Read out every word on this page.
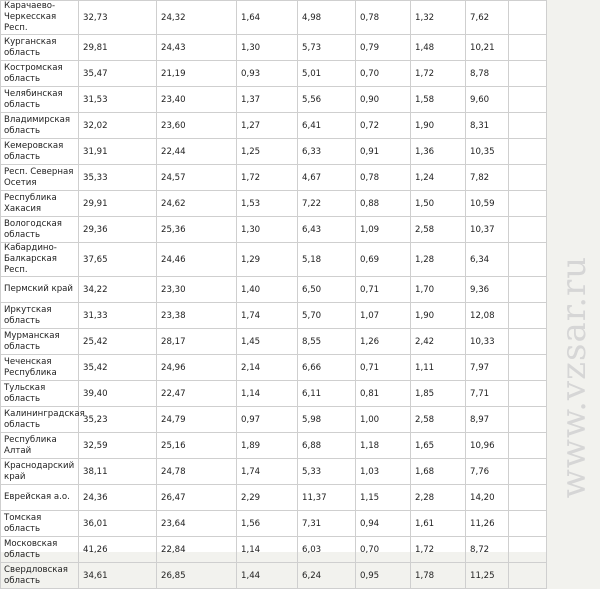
Карачаево-Черкесская Респ.	32,73	24,32	1,64	4,98	0,78	1,32	7,62		
Курганская область	29,81	24,43	1,30	5,73	0,79	1,48	10,21		
Костромская область	35,47	21,19	0,93	5,01	0,70	1,72	8,78		
Челябинская область	31,53	23,40	1,37	5,56	0,90	1,58	9,60		
Владимирская область	32,02	23,60	1,27	6,41	0,72	1,90	8,31		
Кемеровская область	31,91	22,44	1,25	6,33	0,91	1,36	10,35		
Респ. Северная Осетия	35,33	24,57	1,72	4,67	0,78	1,24	7,82		
Республика Хакасия	29,91	24,62	1,53	7,22	0,88	1,50	10,59		
Вологодская область	29,36	25,36	1,30	6,43	1,09	2,58	10,37		
Кабардино-Балкарская Респ.	37,65	24,46	1,29	5,18	0,69	1,28	6,34		
Пермский край	34,22	23,30	1,40	6,50	0,71	1,70	9,36		
Иркутская область	31,33	23,38	1,74	5,70	1,07	1,90	12,08		
Мурманская область	25,42	28,17	1,45	8,55	1,26	2,42	10,33		
Чеченская Республика	35,42	24,96	2,14	6,66	0,71	1,11	7,97		
Тульская область	39,40	22,47	1,14	6,11	0,81	1,85	7,71		
Калининградская область	35,23	24,79	0,97	5,98	1,00	2,58	8,97		
Республика Алтай	32,59	25,16	1,89	6,88	1,18	1,65	10,96		
Краснодарский край	38,11	24,78	1,74	5,33	1,03	1,68	7,76		
Еврейская а.о.	24,36	26,47	2,29	11,37	1,15	2,28	14,20		
Томская область	36,01	23,64	1,56	7,31	0,94	1,61	11,26		
Московская область	41,26	22,84	1,14	6,03	0,70	1,72	8,72		
Свердловская область	34,61	26,85	1,44	6,24	0,95	1,78	11,25		
www.vzsar.ru
